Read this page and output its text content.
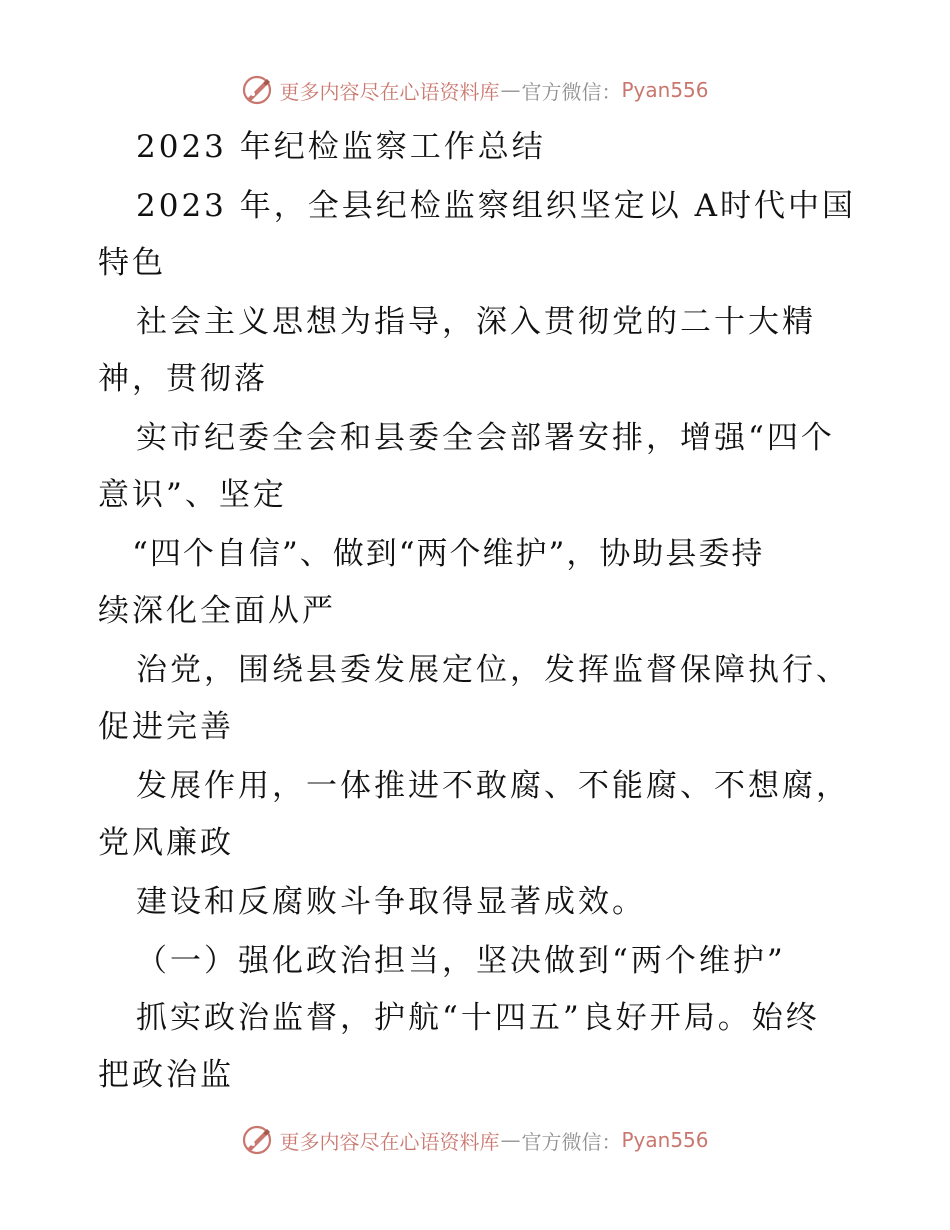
更多内容尽在心语资料库 — 官方微信： Pyan556
2023 年纪检监察工作总结
2023 年，全县纪检监察组织坚定以 A时代中国
特色
社会主义思想为指导，深入贯彻党的二十大精
神，贯彻落
实市纪委全会和县委全会部署安排，增强“四个
意识”、坚定
“四个自信”、做到“两个维护”，协助县委持
续深化全面从严
治党，围绕县委发展定位，发挥监督保障执行、
促进完善
发展作用，一体推进不敢腐、不能腐、不想腐，
党风廉政
建设和反腐败斗争取得显著成效。
（一）强化政治担当，坚决做到“两个维护”
抓实政治监督，护航“十四五”良好开局。始终
把政治监
更多内容尽在心语资料库 — 官方微信： Pyan556
